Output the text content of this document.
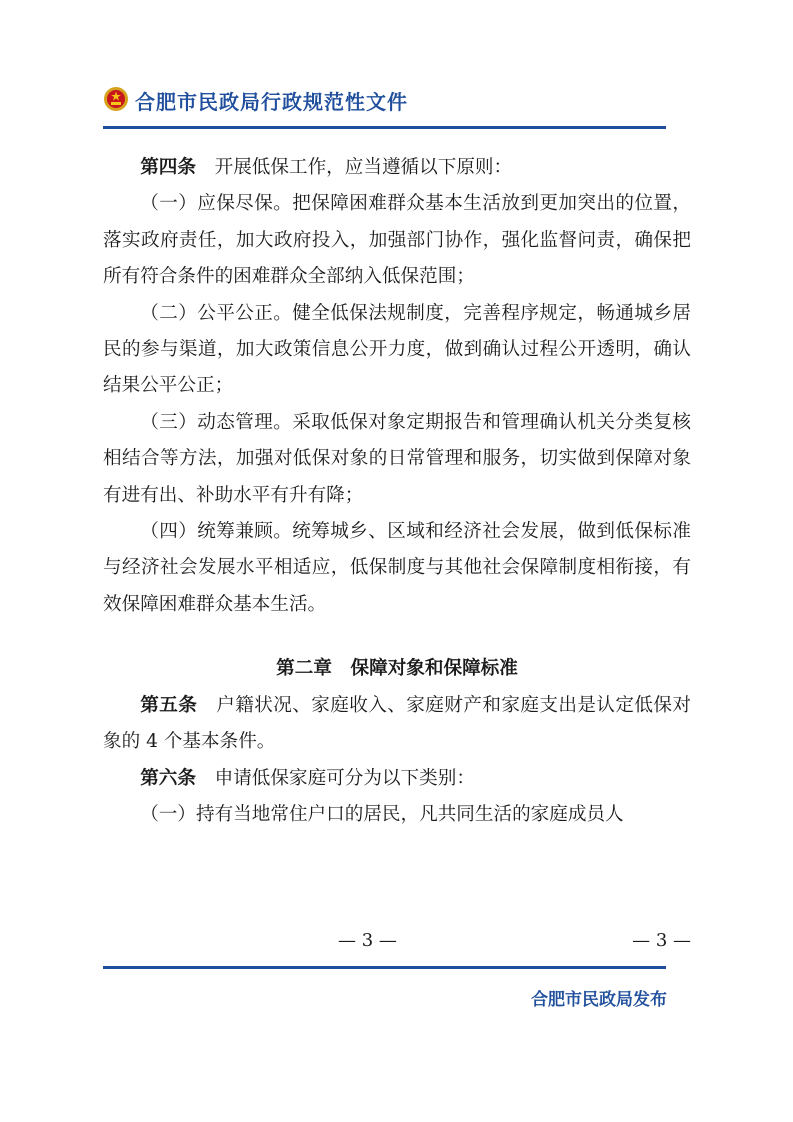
合肥市民政局行政规范性文件

第四条　 开展低保工作，应当遵循以下原则：

（一）应保尽保。把保障困难群众基本生活放到更加突出的位置，落实政府责任，加大政府投入，加强部门协作，强化监督问责，确保把所有符合条件的困难群众全部纳入低保范围；

（二）公平公正。健全低保法规制度，完善程序规定，畅通城乡居民的参与渠道，加大政策信息公开力度，做到确认过程公开透明，确认结果公平公正；

（三）动态管理。采取低保对象定期报告和管理确认机关分类复核相结合等方法，加强对低保对象的日常管理和服务，切实做到保障对象有进有出、补助水平有升有降；

（四）统筹兼顾。统筹城乡、区域和经济社会发展，做到低保标准与经济社会发展水平相适应，低保制度与其他社会保障制度相衔接，有效保障困难群众基本生活。

第二章　保障对象和保障标准

第五条　 户籍状况、家庭收入、家庭财产和家庭支出是认定低保对象的 4 个基本条件。

第六条　 申请低保家庭可分为以下类别：

（一）持有当地常住户口的居民，凡共同生活的家庭成员人

— 3 —	— 3 —
合肥市民政局发布
